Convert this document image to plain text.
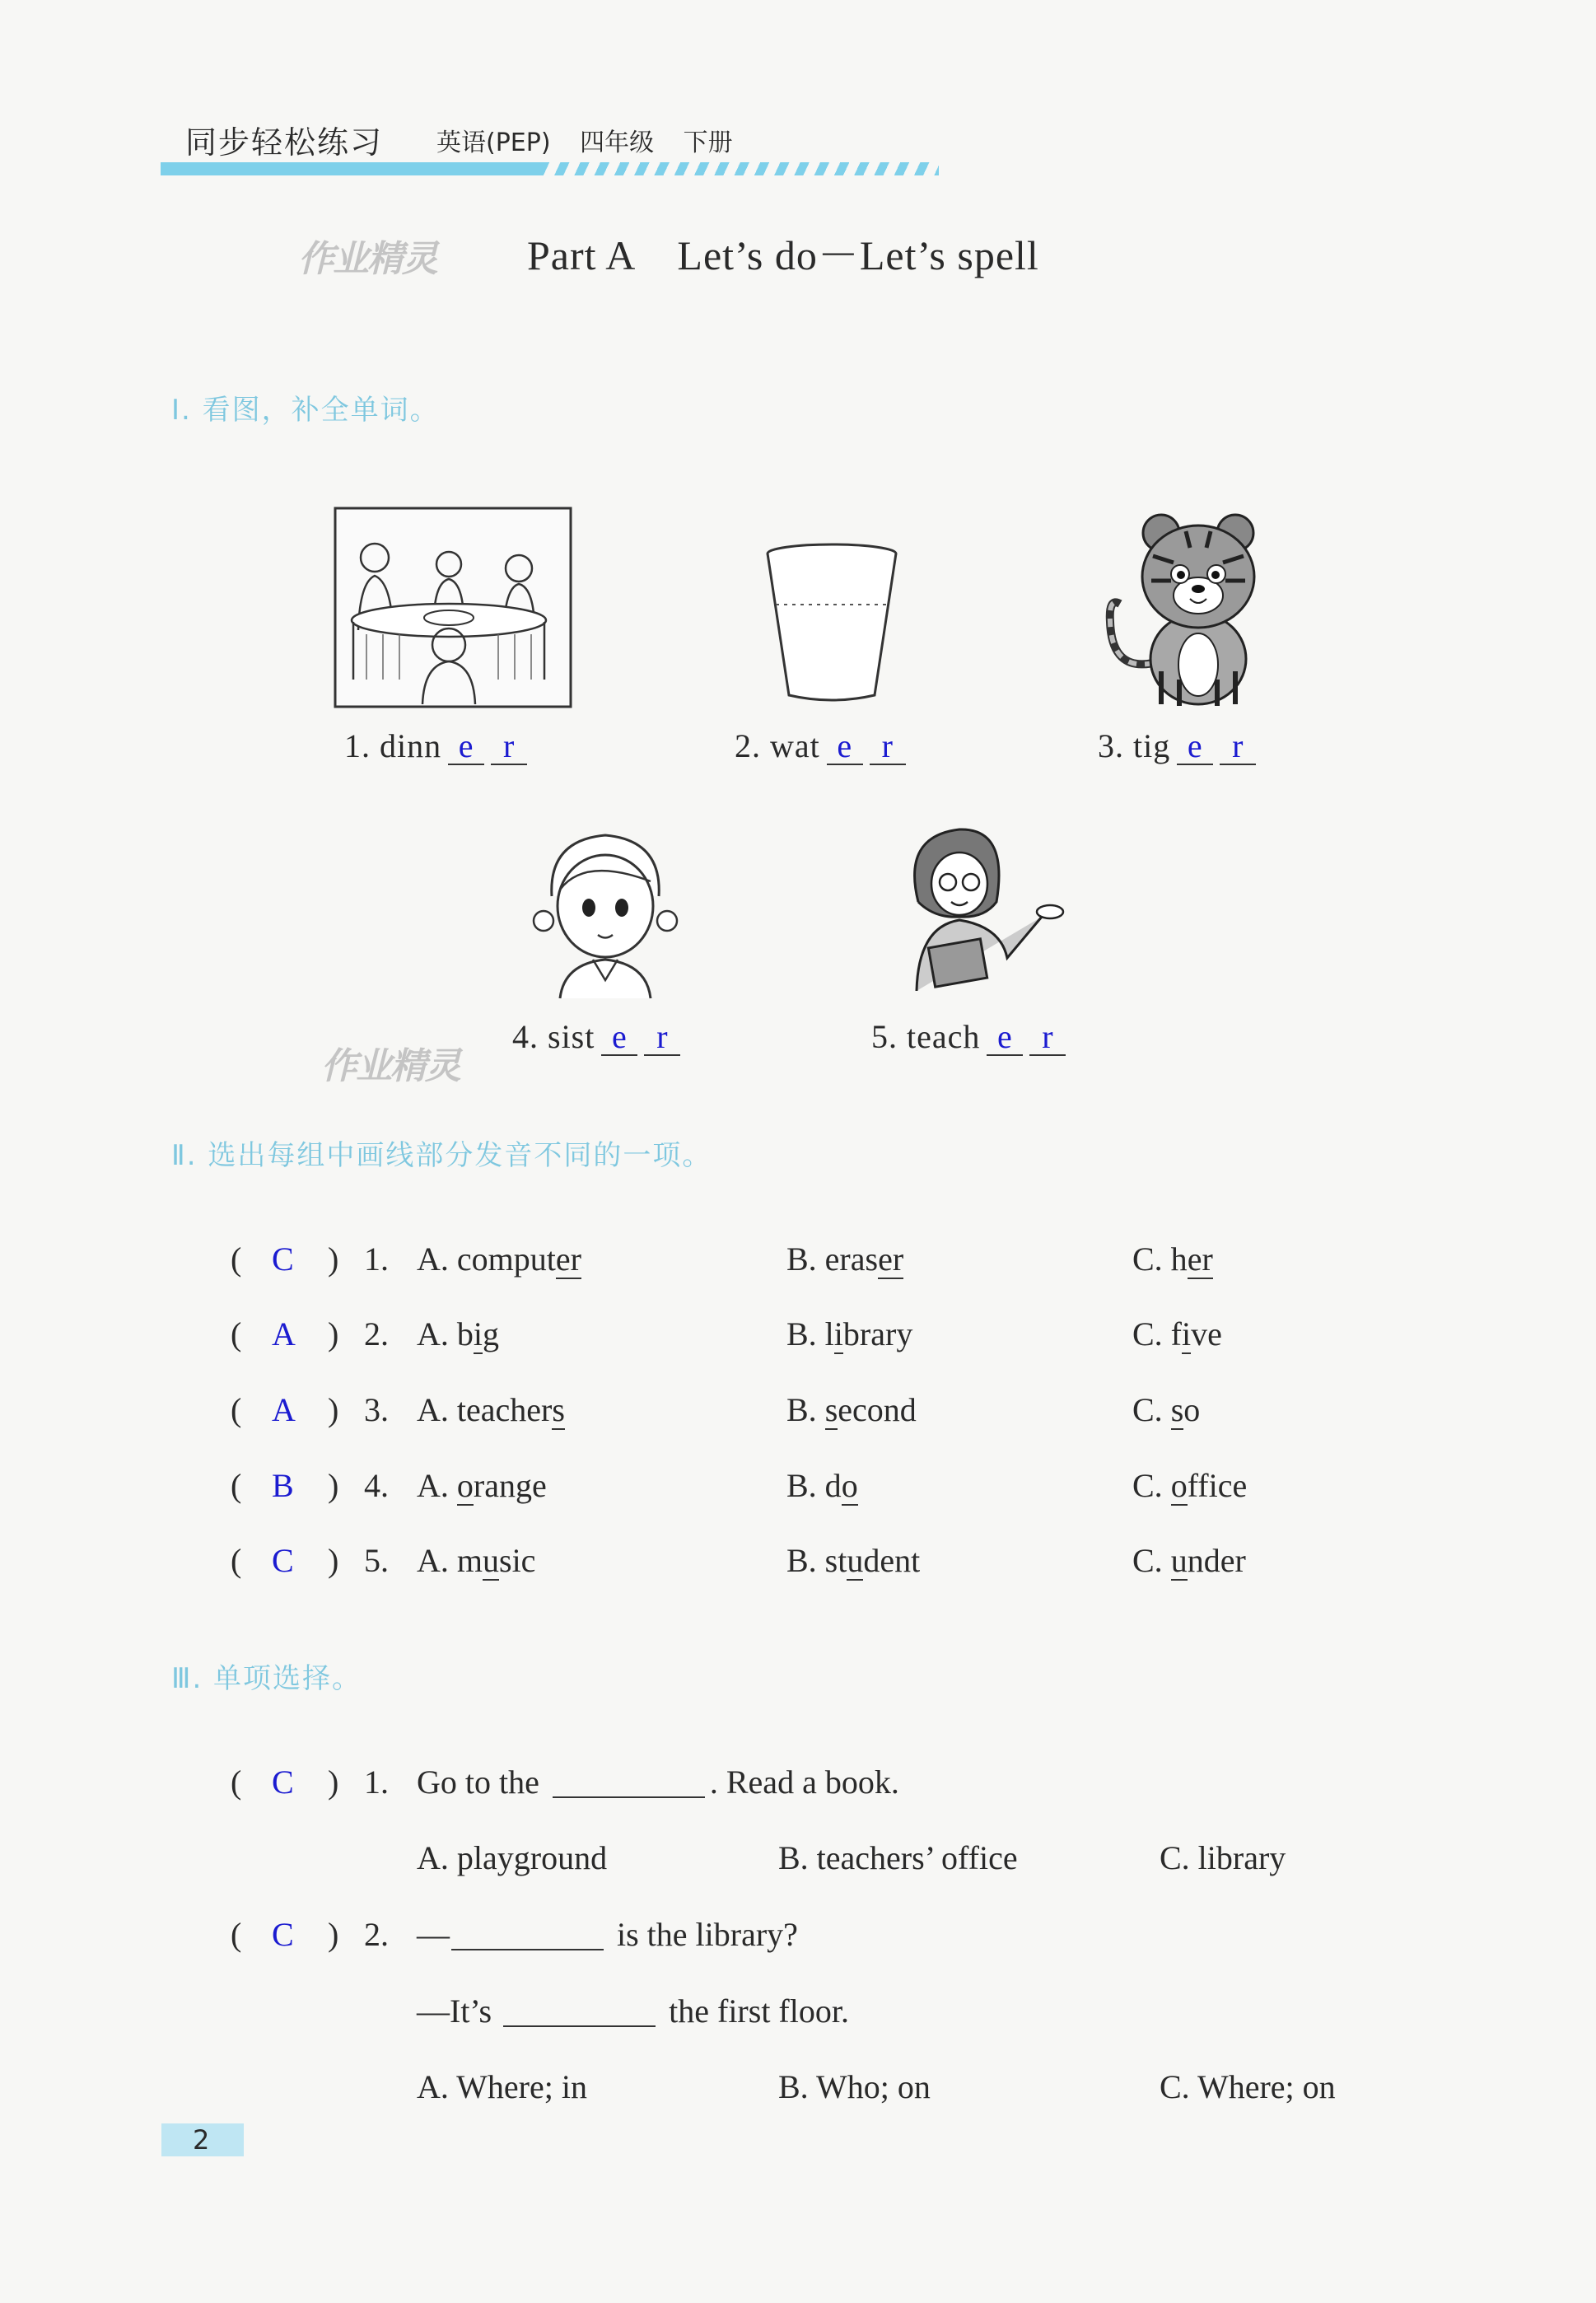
同步轻松练习 英语(PEP) 四年级 下册
作业精灵 Part A Let’s do－Let’s spell
Ⅰ. 看图，补全单词。
1. dinn e r	2. wat e r	3. tig e r
作业精灵
4. sist e r	5. teach e r
Ⅱ. 选出每组中画线部分发音不同的一项。
( C ) 1. A. computer	B. eraser	C. her
( A ) 2. A. big	B. library	C. five
( A ) 3. A. teachers	B. second	C. so
( B ) 4. A. orange	B. do	C. office
( C ) 5. A. music	B. student	C. under
Ⅲ. 单项选择。
( C ) 1. Go to the	. Read a book.
A. playground	B. teachers’ office	C. library
( C ) 2. —	is the library?
—It’s	the first floor.
A. Where; in	B. Who; on	C. Where; on
2
